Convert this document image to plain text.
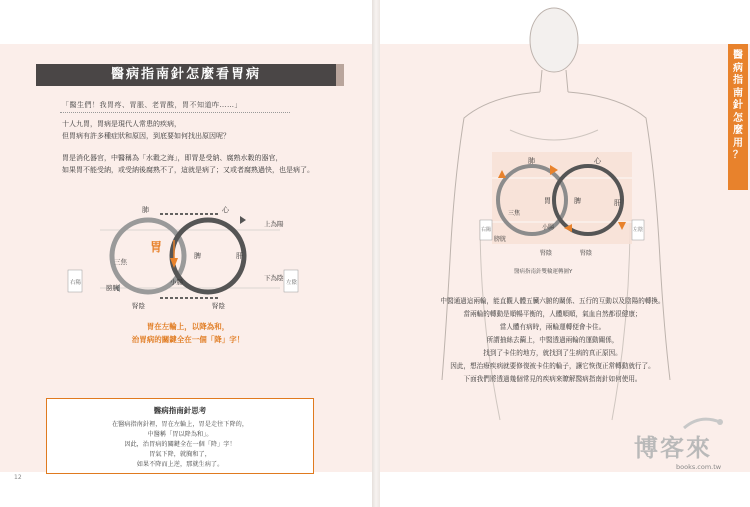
醫病指南針怎麼看胃病
「醫生們！我胃疼、胃脹、老胃酸，胃不知道咋……」
十人九胃，胃病是現代人常患的疾病，
但胃病有許多種症狀和原因，到底要如何找出原因呢？
胃是消化器官，中醫稱為「水穀之海」，即胃是受納、腐熟水穀的器官，
如果胃不能受納，或受納後腐熟不了，這就是病了；又或者腐熟過快，也是病了。
肺	心
胃
脾	肝
三焦
小腸
膀胱
腎陰	腎陰
上為陽
下為陰
右陽	左陰
胃在左輪上，以降為和，
治胃病的關鍵全在一個「降」字！
醫病指南針思考
在醫病指南針裡，胃在左輪上，胃是走往下降的，
中醫稱「胃以降為和」。
因此，治胃病的關鍵全在一個「降」字！
胃氣下降，就胸和了，
如果不降而上逆，那就生病了。
12
肺	心
胃	脾	肝
三焦
小腸
膀胱
腎陰	腎陰
右陽	左陰
醫病指南針雙輪運轉圖Y
中醫通過這兩輪，能直觀人體五臟六腑的關係、五行的互動以及陰陽的轉換。
當兩輪的轉動是順暢平衡的，人體順順，氣血自然都很健康；
當人體有病時，兩輪運轉便會卡住。
所謂抽絲去繭上，中醫透過兩輪的運動關係，
找到了卡住的地方，就找到了生病的真正原因。
因此，想治療疾病就要修復被卡住的輪子，讓它恢復正常轉動就行了。
下面我們將透過幾個常見的疾病來瞭解醫病指南針如何使用。
醫
病
指
南
針
怎
麼
用
？
博客來
books.com.tw
